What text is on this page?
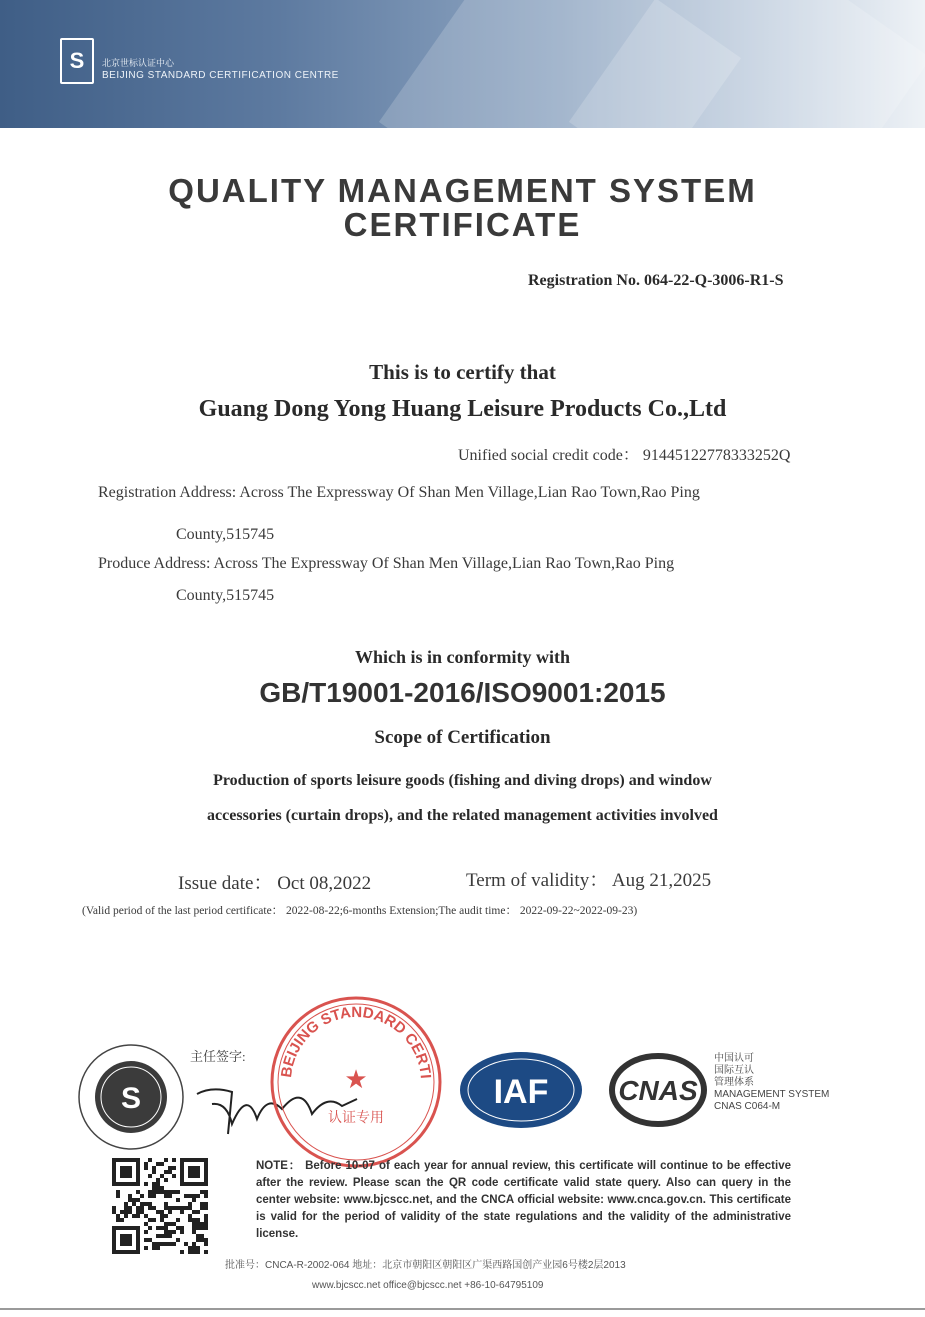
S	北京世标认证中心
BEIJING STANDARD CERTIFICATION CENTRE
QUALITY MANAGEMENT SYSTEM
CERTIFICATE
Registration No. 064-22-Q-3006-R1-S
This is to certify that
Guang Dong Yong Huang Leisure Products Co.,Ltd
Unified social credit code： 91445122778333252Q
Registration Address: Across The Expressway Of Shan Men Village,Lian Rao Town,Rao Ping
County,515745
Produce Address: Across The Expressway Of Shan Men Village,Lian Rao Town,Rao Ping
County,515745
Which is in conformity with
GB/T19001-2016/ISO9001:2015
Scope of Certification
Production of sports leisure goods (fishing and diving drops) and window
accessories (curtain drops), and the related management activities involved
Issue date： Oct 08,2022	Term of validity： Aug 21,2025
(Valid period of the last period certificate： 2022-08-22;6-months Extension;The audit time： 2022-09-22~2022-09-23)
S
主任签字:
BEIJING STANDARD CERTI
★
认证专用
IAF CNAS
中国认可
国际互认
管理体系
MANAGEMENT SYSTEM
CNAS C064-M
NOTE： Before 10-07 of each year for annual review, this certificate will continue to be effective after the review. Please scan the QR code certificate valid state query. Also can query in the center website: www.bjcscc.net, and the CNCA official website: www.cnca.gov.cn. This certificate is valid for the period of validity of the state regulations and the validity of the administrative license.
批准号：CNCA-R-2002-064 地址：北京市朝阳区朝阳区广渠西路国创产业园6号楼2层2013
www.bjcscc.net office@bjcscc.net +86-10-64795109
